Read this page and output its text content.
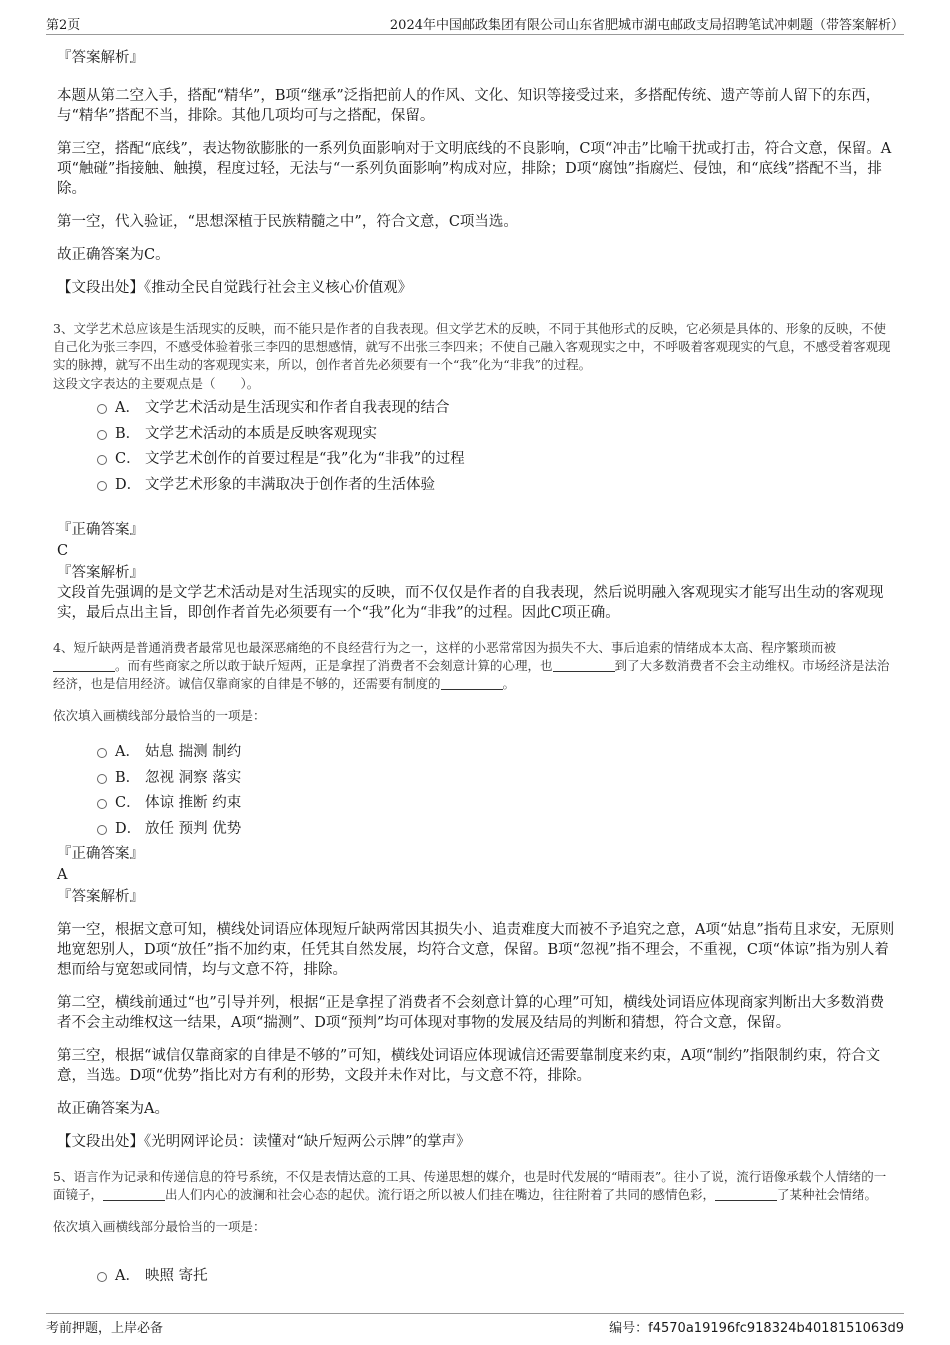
第2页	2024年中国邮政集团有限公司山东省肥城市湖屯邮政支局招聘笔试冲刺题（带答案解析）

『答案解析』

本题从第二空入手，搭配“精华”，B项“继承”泛指把前人的作风、文化、知识等接受过来，多搭配传统、遗产等前人留下的东西，与“精华”搭配不当，排除。其他几项均可与之搭配，保留。

第三空，搭配“底线”，表达物欲膨胀的一系列负面影响对于文明底线的不良影响，C项“冲击”比喻干扰或打击，符合文意，保留。A项“触碰”指接触、触摸，程度过轻，无法与“一系列负面影响”构成对应，排除；D项“腐蚀”指腐烂、侵蚀，和“底线”搭配不当，排除。

第一空，代入验证，“思想深植于民族精髓之中”，符合文意，C项当选。

故正确答案为C。

【文段出处】《推动全民自觉践行社会主义核心价值观》

3、文学艺术总应该是生活现实的反映，而不能只是作者的自我表现。但文学艺术的反映，不同于其他形式的反映，它必须是具体的、形象的反映，不使自己化为张三李四，不感受体验着张三李四的思想感情，就写不出张三李四来；不使自己融入客观现实之中，不呼吸着客观现实的气息，不感受着客观现实的脉搏，就写不出生动的客观现实来，所以，创作者首先必须要有一个“我”化为“非我”的过程。

这段文字表达的主要观点是（　　）。

A． 文学艺术活动是生活现实和作者自我表现的结合
B． 文学艺术活动的本质是反映客观现实
C． 文学艺术创作的首要过程是“我”化为“非我”的过程
D． 文学艺术形象的丰满取决于创作者的生活体验

『正确答案』

C

『答案解析』

文段首先强调的是文学艺术活动是对生活现实的反映，而不仅仅是作者的自我表现，然后说明融入客观现实才能写出生动的客观现实，最后点出主旨，即创作者首先必须要有一个“我”化为“非我”的过程。因此C项正确。

4、短斤缺两是普通消费者最常见也最深恶痛绝的不良经营行为之一，这样的小恶常常因为损失不大、事后追索的情绪成本太高、程序繁琐而被。而有些商家之所以敢于缺斤短两，正是拿捏了消费者不会刻意计算的心理，也	到了大多数消费者不会主动维权。市场经济是法治经济，也是信用经济。诚信仅靠商家的自律是不够的，还需要有制度的	。

依次填入画横线部分最恰当的一项是：

A． 姑息 揣测 制约
B． 忽视 洞察 落实
C． 体谅 推断 约束
D． 放任 预判 优势

『正确答案』

A

『答案解析』

第一空，根据文意可知，横线处词语应体现短斤缺两常因其损失小、追责难度大而被不予追究之意，A项“姑息”指苟且求安，无原则地宽恕别人，D项“放任”指不加约束，任凭其自然发展，均符合文意，保留。B项“忽视”指不理会，不重视，C项“体谅”指为别人着想而给与宽恕或同情，均与文意不符，排除。

第二空，横线前通过“也”引导并列，根据“正是拿捏了消费者不会刻意计算的心理”可知，横线处词语应体现商家判断出大多数消费者不会主动维权这一结果，A项“揣测”、D项“预判”均可体现对事物的发展及结局的判断和猜想，符合文意，保留。

第三空，根据“诚信仅靠商家的自律是不够的”可知，横线处词语应体现诚信还需要靠制度来约束，A项“制约”指限制约束，符合文意，当选。D项“优势”指比对方有利的形势，文段并未作对比，与文意不符，排除。

故正确答案为A。

【文段出处】《光明网评论员：读懂对“缺斤短两公示牌”的掌声》

5、语言作为记录和传递信息的符号系统，不仅是表情达意的工具、传递思想的媒介，也是时代发展的“晴雨表”。往小了说，流行语像承载个人情绪的一面镜子，	出人们内心的波澜和社会心态的起伏。流行语之所以被人们挂在嘴边，往往附着了共同的感情色彩，	了某种社会情绪。

依次填入画横线部分最恰当的一项是：

A． 映照 寄托
考前押题，上岸必备	编号：f4570a19196fc918324b4018151063d9
